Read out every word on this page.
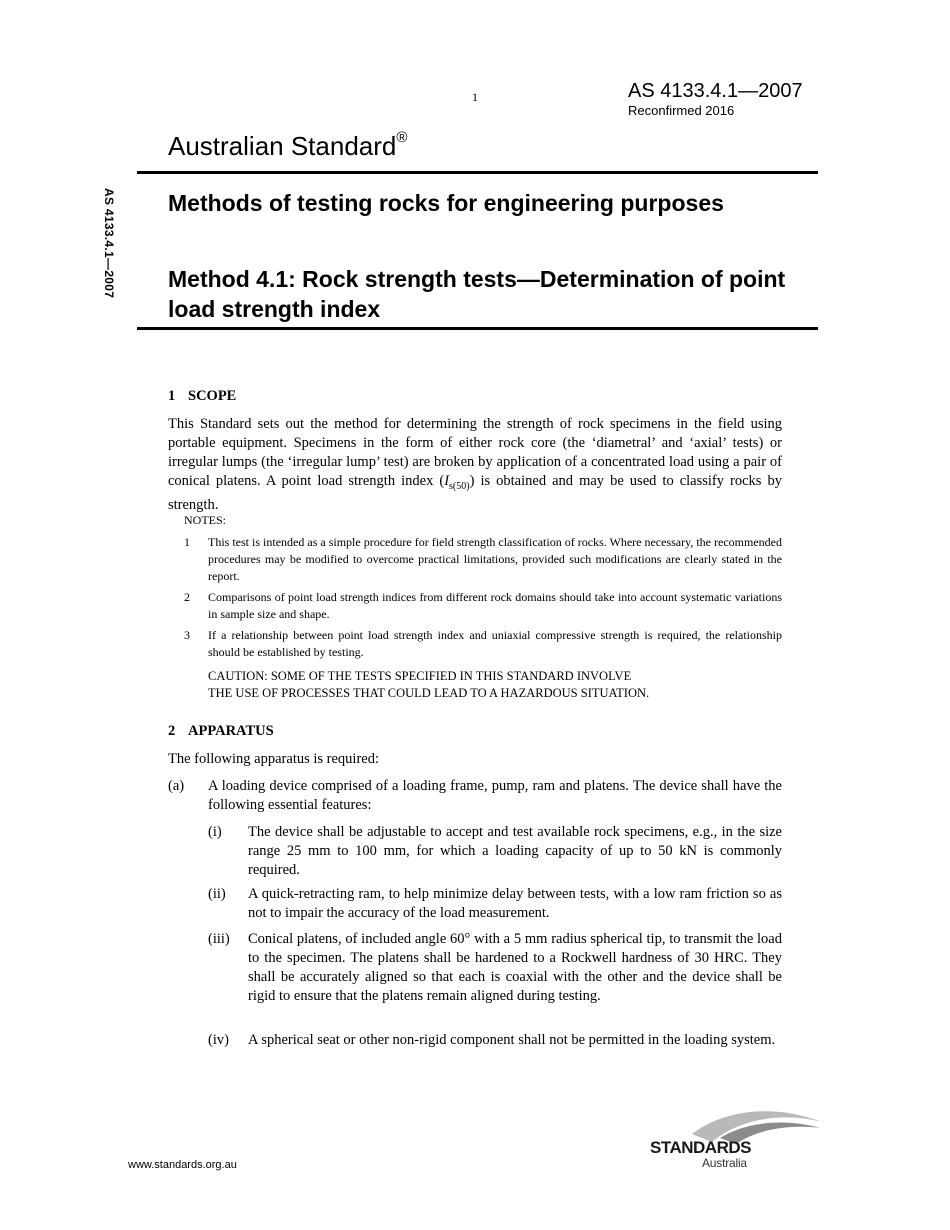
1	AS 4133.4.1—2007
Reconfirmed 2016
Australian Standard®
AS 4133.4.1—2007 Methods of testing rocks for engineering purposes
Method 4.1: Rock strength tests—Determination of point load strength index
1 SCOPE
This Standard sets out the method for determining the strength of rock specimens in the field using portable equipment. Specimens in the form of either rock core (the ‘diametral’ and ‘axial’ tests) or irregular lumps (the ‘irregular lump’ test) are broken by application of a concentrated load using a pair of conical platens. A point load strength index $(I_{s(50)})$ is obtained and may be used to classify rocks by strength.
NOTES:
1 This test is intended as a simple procedure for field strength classification of rocks. Where necessary, the recommended procedures may be modified to overcome practical limitations, provided such modifications are clearly stated in the report.
2 Comparisons of point load strength indices from different rock domains should take into account systematic variations in sample size and shape.
3 If a relationship between point load strength index and uniaxial compressive strength is required, the relationship should be established by testing.
CAUTION: SOME OF THE TESTS SPECIFIED IN THIS STANDARD INVOLVE
THE USE OF PROCESSES THAT COULD LEAD TO A HAZARDOUS SITUATION.
2 APPARATUS
The following apparatus is required:
(a) A loading device comprised of a loading frame, pump, ram and platens. The device shall have the following essential features:
(i) The device shall be adjustable to accept and test available rock specimens, e.g., in the size range 25 mm to 100 mm, for which a loading capacity of up to 50 kN is commonly required.
(ii) A quick-retracting ram, to help minimize delay between tests, with a low ram friction so as not to impair the accuracy of the load measurement.
(iii) Conical platens, of included angle 60° with a 5 mm radius spherical tip, to transmit the load to the specimen. The platens shall be hardened to a Rockwell hardness of 30 HRC. They shall be accurately aligned so that each is coaxial with the other and the device shall be rigid to ensure that the platens remain aligned during testing.
(iv) A spherical seat or other non-rigid component shall not be permitted in the loading system.
www.standards.org.au
STANDARDS
Australia
